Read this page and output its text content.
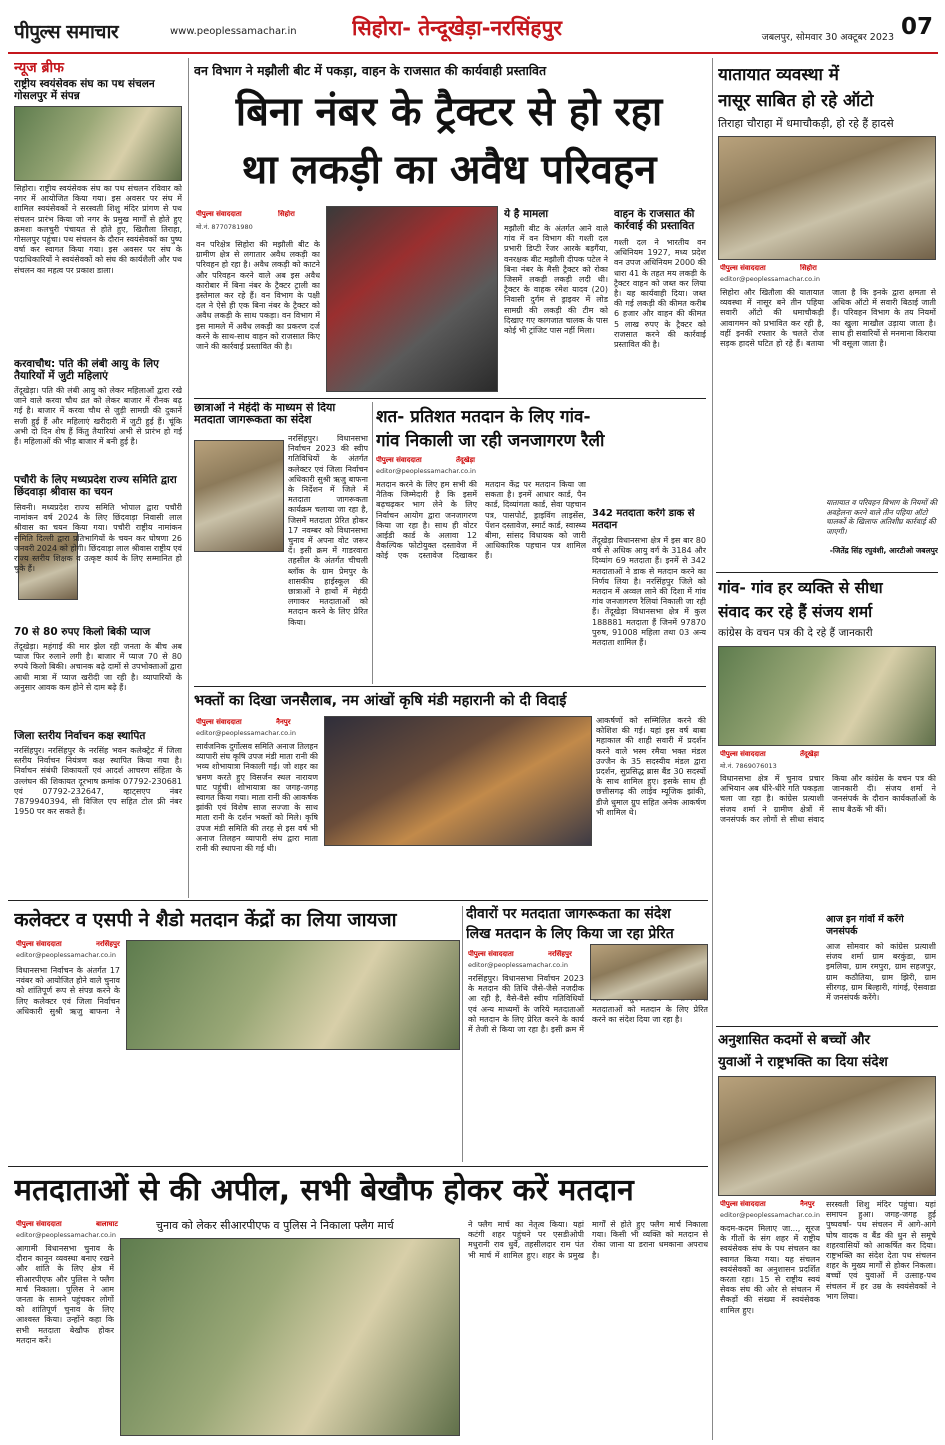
पीपुल्स समाचार	www.peoplessamachar.in	सिहोरा- तेन्दूखेड़ा-नरसिंहपुर	जबलपुर, सोमवार 30 अक्टूबर 2023 07
न्यूज ब्रीफ
राष्ट्रीय स्वयंसेवक संघ का पथ संचलन गोसलपुर में संपन्न
सिहोरा। राष्ट्रीय स्वयंसेवक संघ का पथ संचलन रविवार को नगर में आयोजित किया गया। इस अवसर पर संघ में शामिल स्वयंसेवकों ने सरस्वती शिशु मंदिर प्रांगण से पथ संचलन प्रारंभ किया जो नगर के प्रमुख मार्गों से होते हुए क्रमशः कलचुरी पंचायत से होते हुए, खितौला तिराहा, गोसलपुर पहुंचा। पथ संचलन के दौरान स्वयंसेवकों का पुष्प वर्षा कर स्वागत किया गया। इस अवसर पर संघ के पदाधिकारियों ने स्वयंसेवकों को संघ की कार्यशैली और पथ संचलन का महत्व पर प्रकाश डाला।
करवाचौथ: पति की लंबी आयु के लिए तैयारियों में जुटी महिलाएं
तेंदूखेड़ा। पति की लंबी आयु को लेकर महिलाओं द्वारा रखे जाने वाले करवा चौथ व्रत को लेकर बाजार में रौनक बढ़ गई है। बाजार में करवा चौथ से जुड़ी सामग्री की दुकानें सजी हुई हैं और महिलाएं खरीदारी में जुटी हुई हैं। चूंकि अभी दो दिन शेष हैं किंतु तैयारियां अभी से प्रारंभ हो गई हैं। महिलाओं की भीड़ बाजार में बनी हुई है।
पचौरी के लिए मध्यप्रदेश राज्य समिति द्वारा छिंदवाड़ा श्रीवास का चयन
सिवनी। मध्यप्रदेश राज्य समिति भोपाल द्वारा पचौरी नामांकन वर्ष 2024 के लिए छिंदवाड़ा निवासी लाल श्रीवास का चयन किया गया। पचौरी राष्ट्रीय नामांकन समिति दिल्ली द्वारा प्रतिभागियों के चयन कर घोषणा 26 जनवरी 2024 को होगी। छिंदवाड़ा लाल श्रीवास राष्ट्रीय एवं राज्य स्तरीय शिक्षक व उत्कृष्ट कार्य के लिए सम्मानित हो चुके हैं।
70 से 80 रुपए किलो बिकी प्याज
तेंदूखेड़ा। महंगाई की मार झेल रही जनता के बीच अब प्याज फिर रुलाने लगी है। बाजार में प्याज 70 से 80 रुपये किलो बिकी। अचानक बढ़े दामों से उपभोक्ताओं द्वारा आधी मात्रा में प्याज खरीदी जा रही है। व्यापारियों के अनुसार आवक कम होने से दाम बढ़े हैं।
जिला स्तरीय निर्वाचन कक्ष स्थापित
नरसिंहपुर। नरसिंहपुर के नरसिंह भवन कलेक्ट्रेट में जिला स्तरीय निर्वाचन नियंत्रण कक्ष स्थापित किया गया है। निर्वाचन संबंधी शिकायतों एवं आदर्श आचरण संहिता के उल्लंघन की शिकायत दूरभाष क्रमांक 07792-230681 एवं 07792-232647, व्हाट्सएप नंबर 7879940394, सी विजिल एप सहित टोल फ्री नंबर 1950 पर कर सकते हैं।
वन विभाग ने मझौली बीट में पकड़ा, वाहन के राजसात की कार्यवाही प्रस्तावित
बिना नंबर के ट्रैक्टर से हो रहा
था लकड़ी का अवैध परिवहन
पीपुल्स संवाददाता	सिहोरा
मो.नं. 8770781980
वन परिक्षेत्र सिहोरा की मझौली बीट के ग्रामीण क्षेत्र से लगातार अवैध लकड़ी का परिवहन हो रहा है। अवैध लकड़ी को काटने और परिवहन करने वाले अब इस अवैध कारोबार में बिना नंबर के ट्रैक्टर ट्राली का इस्तेमाल कर रहे हैं। वन विभाग के पक्षी दल ने ऐसे ही एक बिना नंबर के ट्रैक्टर को अवैध लकड़ी के साथ पकड़ा। वन विभाग में इस मामले में अवैध लकड़ी का प्रकरण दर्ज करने के साथ-साथ वाहन को राजसात किए जाने की कार्रवाई प्रस्तावित की है।
ये है मामला
मझौली बीट के अंतर्गत आने वाले गांव में वन विभाग की गश्ती दल प्रभारी डिप्टी रेंजर आरके बड़गैंया, वनरक्षक बीट मझौली दीपक पटेल ने बिना नंबर के मैसी ट्रैक्टर को रोका जिसमें लकड़ी लकड़ी लदी थी। ट्रैक्टर के वाहक रमेश यादव (20) निवासी दुर्गम से ड्राइवर में लोड सामग्री की लकड़ी की टीम को दिखाए गए कागजात चालक के पास कोई भी ट्रांजिट पास नहीं मिला।
वाहन के राजसात की कार्रवाई की प्रस्तावित
गश्ती दल ने भारतीय वन अधिनियम 1927, मध्य प्रदेश वन उपज अधिनियम 2000 की धारा 41 के तहत मय लकड़ी के ट्रैक्टर वाहन को जब्त कर लिया है। यह कार्यवाही दिया। जब्त की गई लकड़ी की कीमत करीब 6 हजार और वाहन की कीमत 5 लाख रुपए के ट्रैक्टर को राजसात करने की कार्रवाई प्रस्तावित की है।
छात्राओं ने मेहंदी के माध्यम से दिया मतदाता जागरूकता का संदेश
नरसिंहपुर। विधानसभा निर्वाचन 2023 की स्वीप गतिविधियों के अंतर्गत कलेक्टर एवं जिला निर्वाचन अधिकारी सुश्री ऋजु बाफना के निर्देशन में जिले में मतदाता जागरूकता कार्यक्रम चलाया जा रहा है, जिसमें मतदाता प्रेरित होकर 17 नवम्बर को विधानसभा चुनाव में अपना वोट जरूर दें। इसी क्रम में गाडरवारा तहसील के अंतर्गत चीचली ब्लॉक के ग्राम प्रेमपुर के शासकीय हाईस्कूल की छात्राओं ने हाथों में मेहंदी लगाकर मतदाताओं को मतदान करने के लिए प्रेरित किया।
शत- प्रतिशत मतदान के लिए गांव-
गांव निकाली जा रही जनजागरण रैली
पीपुल्स संवाददाता	तेंदूखेड़ा
editor@peoplessamachar.co.in
मतदान करने के लिए हम सभी की नैतिक जिम्मेदारी है कि इसमें बढ़चढ़कर भाग लेने के लिए निर्वाचन आयोग द्वारा जनजागरण किया जा रहा है। साथ ही वोटर आईडी कार्ड के अलावा 12 वैकल्पिक फोटोयुक्त दस्तावेज में कोई एक दस्तावेज दिखाकर मतदान केंद्र पर मतदान किया जा सकता है। इनमें आधार कार्ड, पैन कार्ड, दिव्यांगता कार्ड, सेवा पहचान पत्र, पासपोर्ट, ड्राइविंग लाइसेंस, पेंशन दस्तावेज, स्मार्ट कार्ड, स्वास्थ्य बीमा, सांसद विधायक को जारी आधिकारिक पहचान पत्र शामिल हैं।
342 मतदाता करेंगे डाक से मतदान
तेंदूखेड़ा विधानसभा क्षेत्र में इस बार 80 वर्ष से अधिक आयु वर्ग के 3184 और दिव्यांग 69 मतदाता हैं। इनमें से 342 मतदाताओं ने डाक से मतदान करने का निर्णय लिया है। नरसिंहपुर जिले को मतदान में अव्वल लाने की दिशा में गांव गांव जनजागरण रैलियां निकाली जा रही हैं। तेंदूखेड़ा विधानसभा क्षेत्र में कुल 188881 मतदाता हैं जिनमें 97870 पुरुष, 91008 महिला तथा 03 अन्य मतदाता शामिल हैं।
भक्तों का दिखा जनसैलाब, नम आंखों कृषि मंडी महारानी को दी विदाई
पीपुल्स संवाददाता	नैनपुर
editor@peoplessamachar.co.in
सार्वजनिक दुर्गोत्सव समिति अनाज तिलहन व्यापारी संघ कृषि उपज मंडी माता रानी की भव्य शोभायात्रा निकाली गई। जो शहर का भ्रमण करते हुए विसर्जन स्थल नारायण घाट पहुंची। शोभायात्रा का जगह-जगह स्वागत किया गया। माता रानी की आकर्षक झांकी एवं विशेष साज सज्जा के साथ माता रानी के दर्शन भक्तों को मिले। कृषि उपज मंडी समिति की तरह से इस वर्ष भी अनाज तिलहन व्यापारी संघ द्वारा माता रानी की स्थापना की गई थी।
आकर्षणों को सम्मिलित करने की कोशिश की गई। यहां इस वर्ष बाबा महाकाल की शाही सवारी में प्रदर्शन करने वाले भस्म रमैया भक्त मंडल उज्जैन के 35 सदस्यीय मंडल द्वारा प्रदर्शन, सुप्रसिद्ध ब्रास बैंड 30 सदस्यों के साथ शामिल हुए। इसके साथ ही छत्तीसगढ़ की लाईव म्यूजिक झांकी, डीजे धुमाल ग्रुप सहित अनेक आकर्षण भी शामिल थे।
कलेक्टर व एसपी ने शैडो मतदान केंद्रों का लिया जायजा
पीपुल्स संवाददाता	नरसिंहपुर
editor@peoplessamachar.co.in
विधानसभा निर्वाचन के अंतर्गत 17 नवंबर को आयोजित होने वाले चुनाव को शांतिपूर्ण रूप से संपन्न करने के लिए कलेक्टर एवं जिला निर्वाचन अधिकारी सुश्री ऋजु बाफना ने
दीवारों पर मतदाता जागरूकता का संदेश
लिख मतदान के लिए किया जा रहा प्रेरित
पीपुल्स संवाददाता	नरसिंहपुर
editor@peoplessamachar.co.in
नरसिंहपुर। विधानसभा निर्वाचन 2023 के मतदान की तिथि जैसे-जैसे नजदीक आ रही है, वैसे-वैसे स्वीप गतिविधियों एवं अन्य माध्यमों के जरिये मतदाताओं को मतदान के लिए प्रेरित करने के कार्य में तेजी से किया जा रहा है। इसी क्रम में मतदाताओं को मतदान के लिए प्रेरित करने का संदेश दिया जा रहा है।
मतदाताओं से की अपील, सभी बेखौफ होकर करें मतदान
पीपुल्स संवाददाता	बालाघाट
editor@peoplessamachar.co.in
चुनाव को लेकर सीआरपीएफ व पुलिस ने निकाला फ्लैग मार्च
आगामी विधानसभा चुनाव के दौरान कानून व्यवस्था बनाए रखने और शांति के लिए क्षेत्र में सीआरपीएफ और पुलिस ने फ्लैग मार्च निकाला। पुलिस ने आम जनता के सामने पहुंचकर लोगों को शांतिपूर्ण चुनाव के लिए आश्वस्त किया। उन्होंने कहा कि सभी मतदाता बेखौफ होकर मतदान करें।
ने फ्लैग मार्च का नेतृत्व किया। यहां कटंगी शहर पहुंचने पर एसडीओपी मधुरानी राव धुर्वे, तहसीलदार राम पंत भी मार्च में शामिल हुए। शहर के प्रमुख मार्गों से होते हुए फ्लैग मार्च निकाला गया। किसी भी व्यक्ति को मतदान से रोका जाना या डराना धमकाना अपराध है।
यातायात व्यवस्था में
नासूर साबित हो रहे ऑटो
तिराहा चौराहा में धमाचौकड़ी, हो रहे हैं हादसे
पीपुल्स संवाददाता	सिहोरा
editor@peoplessamachar.co.in
सिहोरा और खितौला की यातायात व्यवस्था में नासूर बने तीन पहिया सवारी ऑटो की धमाचौकड़ी आवागमन को प्रभावित कर रही है, वहीं इनकी रफ्तार के चलते रोज सड़क हादसे घटित हो रहे हैं। बताया जाता है कि इनके द्वारा क्षमता से अधिक ऑटो में सवारी बिठाई जाती हैं। परिवहन विभाग के तय नियमों का खुला माखौल उड़ाया जाता है। साथ ही सवारियों से मनमाना किराया भी वसूला जाता है।
यातायात व परिवहन विभाग के नियमों की अवहेलना करने वाले तीन पहिया ऑटो चालकों के खिलाफ अतिशीघ्र कार्रवाई की जाएगी।
-जितेंद्र सिंह रघुवंशी, आरटीओ जबलपुर
गांव- गांव हर व्यक्ति से सीधा
संवाद कर रहे हैं संजय शर्मा
कांग्रेस के वचन पत्र की दे रहे हैं जानकारी
पीपुल्स संवाददाता	तेंदूखेड़ा
मो.नं. 7869076013
विधानसभा क्षेत्र में चुनाव प्रचार अभियान अब धीरे-धीरे गति पकड़ता चला जा रहा है। कांग्रेस प्रत्याशी संजय शर्मा ने ग्रामीण क्षेत्रों में जनसंपर्क कर लोगों से सीधा संवाद किया और कांग्रेस के वचन पत्र की जानकारी दी। संजय शर्मा ने जनसंपर्क के दौरान कार्यकर्ताओं के साथ बैठकें भी कीं।
आज इन गांवों में करेंगे जनसंपर्क
आज सोमवार को कांग्रेस प्रत्याशी संजय शर्मा ग्राम बरकुंडा, ग्राम इमलिया, ग्राम रमपुरा, ग्राम सहजपुर, ग्राम कठौतिया, ग्राम झिरी, ग्राम सीरगड़, ग्राम बिल्हारी, गांगई, ऐसवाडा में जनसंपर्क करेंगे।
अनुशासित कदमों से बच्चों और
युवाओं ने राष्ट्रभक्ति का दिया संदेश
पीपुल्स संवाददाता	नैनपुर
editor@peoplessamachar.co.in
सरस्वती शिशु मंदिर पहुंचा। यहां समापन हुआ। जगह-जगह हुई पुष्पवर्षा- पथ संचलन में आगे-आगे घोष वादक व बैंड की धुन से समूचे शहरवासियों को आकर्षित कर दिया। राष्ट्रभक्ति का संदेश देता पथ संचलन शहर के मुख्य मार्गों से होकर निकला। बच्चों एवं युवाओं में उत्साह-पथ संचलन में हर उम्र के स्वयंसेवकों ने भाग लिया।
कदम-कदम मिलाए जा..., सूरज के गीतों के संग शहर में राष्ट्रीय स्वयंसेवक संघ के पथ संचलन का स्वागत किया गया। यह संचलन स्वयंसेवकों का अनुशासन प्रदर्शित करता रहा। 15 से राष्ट्रीय स्वयं सेवक संघ की ओर से संचलन में सैकड़ों की संख्या में स्वयंसेवक शामिल हुए।
